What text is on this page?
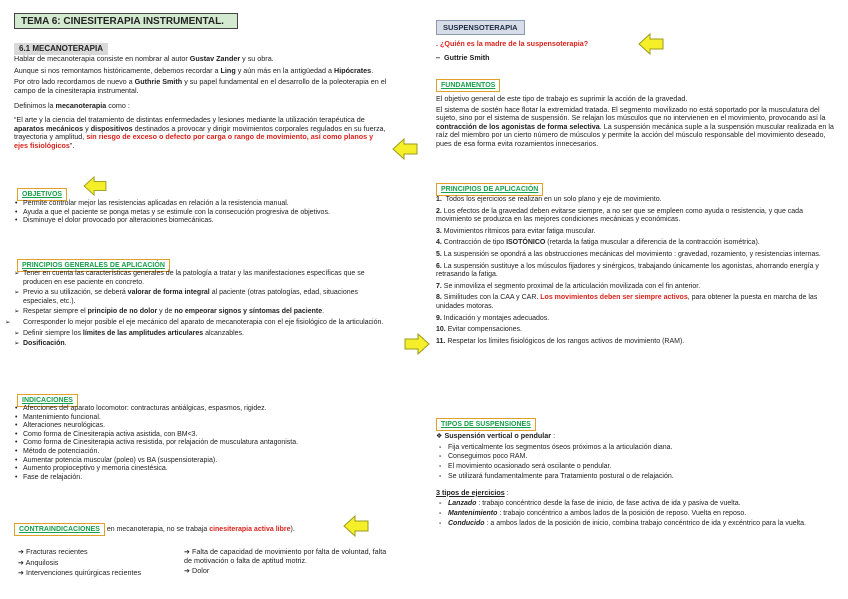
TEMA 6: CINESITERAPIA INSTRUMENTAL.
6.1 MECANOTERAPIA

Hablar de mecanoterapia consiste en nombrar al autor Gustav Zander y su obra.

Aunque si nos remontamos históricamente, debemos recordar a Ling y aún más en la antigüedad a Hipócrates.

Por otro lado recordamos de nuevo a Guthrie Smith y su papel fundamental en el desarrollo de la poleoterapia en el campo de la cinesiterapia instrumental.

Definimos la mecanoterapia como :

“El arte y la ciencia del tratamiento de distintas enfermedades y lesiones mediante la utilización terapéutica de aparatos mecánicos y dispositivos destinados a provocar y dirigir movimientos corporales regulados en su fuerza, trayectoria y amplitud, sin riesgo de exceso o defecto por carga o rango de movimiento, así como planos y ejes fisiológicos”.

OBJETIVOS
• Permite controlar mejor las resistencias aplicadas en relación a la resistencia manual.
• Ayuda a que el paciente se ponga metas y se estimule con la consecución progresiva de objetivos.
• Disminuye el dolor provocado por alteraciones biomecánicas.
PRINCIPIOS GENERALES DE APLICACIÓN
➢ Tener en cuenta las características generales de la patología a tratar y las manifestaciones específicas que se producen en ese paciente en concreto.
➢ Previo a su utilización, se deberá valorar de forma integral al paciente (otras patologías, edad, situaciones especiales, etc.).
➢ Respetar siempre el principio de no dolor y de no empeorar signos y síntomas del paciente.
➢ Corresponder lo mejor posible el eje mecánico del aparato de mecanoterapia con el eje fisiológico de la articulación.
➢ Definir siempre los límites de las amplitudes articulares alcanzables.
➢ Dosificación.
INDICACIONES
• Afecciones del aparato locomotor: contracturas antiálgicas, espasmos, rigidez.
• Mantenimiento funcional.
• Alteraciones neurológicas.
• Como forma de Cinesiterapia activa asistida, con BM<3.
• Como forma de Cinesiterapia activa resistida, por relajación de musculatura antagonista.
• Método de potenciación.
• Aumentar potencia muscular (poleo) vs BA (suspensioterapia).
• Aumento propioceptivo y memoria cinestésica.
• Fase de relajación.
CONTRAINDICACIONES en mecanoterapia, no se trabaja cinesiterapia activa libre).
➔ Fracturas recientes
➔ Anquilosis
➔ Intervenciones quirúrgicas recientes
➔ Falta de capacidad de movimiento por falta de voluntad, falta de motivación o falta de aptitud motriz.
➔ Dolor
SUSPENSOTERAPIA

. ¿Quién es la madre de la suspensoterapia?

‒  Guttrie Smith

FUNDAMENTOS

El objetivo general de este tipo de trabajo es suprimir la acción de la gravedad.

El sistema de sostén hace flotar la extremidad tratada. El segmento movilizado no está soportado por la musculatura del sujeto, sino por el sistema de suspensión. Se relajan los músculos que no intervienen en el movimiento, provocando así la contracción de los agonistas de forma selectiva. La suspensión mecánica suple a la suspensión muscular realizada en la raíz del miembro por un cierto número de músculos y permite la acción del músculo responsable del movimiento deseado, pues de esa forma evita rozamientos innecesarios.

PRINCIPIOS DE APLICACIÓN
1. Todos los ejercicios se realizan en un solo plano y eje de movimiento.
2. Los efectos de la gravedad deben evitarse siempre, a no ser que se empleen como ayuda o resistencia, y que cada movimiento se produzca en las mejores condiciones mecánicas y económicas.
3. Movimientos rítmicos para evitar fatiga muscular.
4. Contracción de tipo ISOTÓNICO (retarda la fatiga muscular a diferencia de la contracción isométrica).
5. La suspensión se opondrá a las obstrucciones mecánicas del movimiento : gravedad, rozamiento, y resistencias internas.
6. La suspensión sustituye a los músculos fijadores y sinérgicos, trabajando únicamente los agonistas, ahorrando energía y retrasando la fatiga.
7. Se inmoviliza el segmento proximal de la articulación movilizada con el fin anterior.
8. Similitudes con la CAA y CAR. Los movimientos deben ser siempre activos, para obtener la puesta en marcha de las unidades motoras.
9. Indicación y montajes adecuados.
10. Evitar compensaciones.
11. Respetar los límites fisiológicos de los rangos activos de movimiento (RAM).
TIPOS DE SUSPENSIONES

❖ Suspensión vertical o pendular :

- Fija verticalmente los segmentos óseos próximos a la articulación diana.
- Conseguimos poco RAM.
- El movimiento ocasionado será oscilante o pendular.
- Se utilizará fundamentalmente para Tratamiento postural o de relajación.

3 tipos de ejercicios :

- Lanzado : trabajo concéntrico desde la fase de inicio, de fase activa de ida y pasiva de vuelta.
- Mantenimiento : trabajo concéntrico a ambos lados de la posición de reposo. Vuelta en reposo.
- Conducido : a ambos lados de la posición de inicio, combina trabajo concéntrico de ida y excéntrico para la vuelta.
